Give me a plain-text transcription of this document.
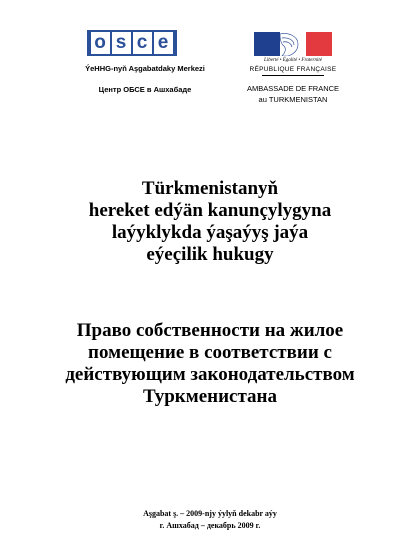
o s c e
ÝeHHG-nyň Aşgabatdaky Merkezi
Центр ОБСЕ в Ашхабаде
Liberté • Égalité • Fraternité
RÉPUBLIQUE FRANÇAISE
AMBASSADE DE FRANCE
au TURKMENISTAN
Türkmenistanyň
hereket edýän kanunçylygyna
laýyklykda ýaşaýyş jaýa
eýeçilik hukugy
Право собственности на жилое
помещение в соответствии с
действующим законодательством
Туркменистана
Aşgabat ş. – 2009-njy ýylyň dekabr aýy
г. Ашхабад – декабрь 2009 г.
